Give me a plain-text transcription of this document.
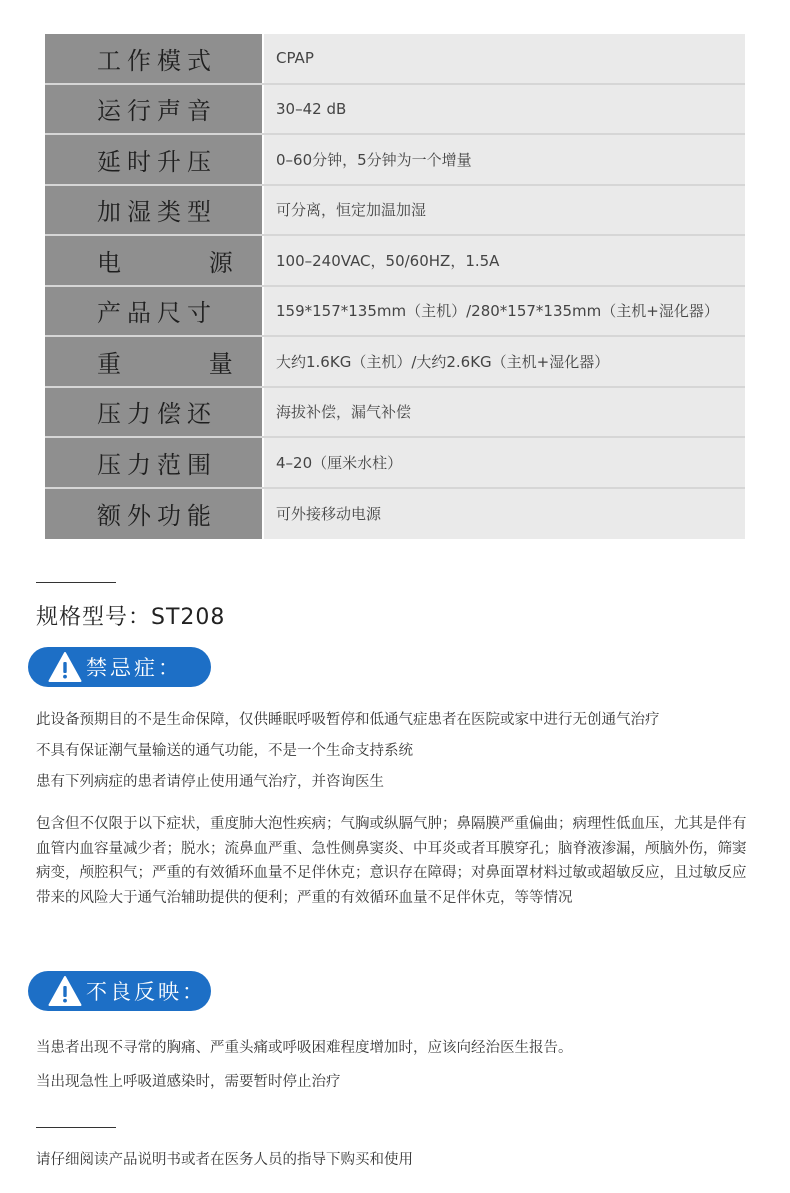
工作模式	CPAP
运行声音	30–42 dB
延时升压	0–60分钟，5分钟为一个增量
加湿类型	可分离，恒定加温加湿
电      源	100–240VAC，50/60HZ，1.5A
产品尺寸	159*157*135mm（主机）/280*157*135mm（主机+湿化器）
重      量	大约1.6KG（主机）/大约2.6KG（主机+湿化器）
压力偿还	海拔补偿，漏气补偿
压力范围	4–20（厘米水柱）
额外功能	可外接移动电源
规格型号：ST208
禁忌症：
此设备预期目的不是生命保障，仅供睡眠呼吸暂停和低通气症患者在医院或家中进行无创通气治疗
不具有保证潮气量输送的通气功能，不是一个生命支持系统
患有下列病症的患者请停止使用通气治疗，并咨询医生
包含但不仅限于以下症状，重度肺大泡性疾病；气胸或纵膈气肿；鼻隔膜严重偏曲；病理性低血压，尤其是伴有血管内血容量减少者；脱水；流鼻血严重、急性侧鼻窦炎、中耳炎或者耳膜穿孔；脑脊液渗漏，颅脑外伤，筛窦病变，颅腔积气；严重的有效循环血量不足伴休克；意识存在障碍；对鼻面罩材料过敏或超敏反应，且过敏反应带来的风险大于通气治辅助提供的便利；严重的有效循环血量不足伴休克，等等情况
不良反映：
当患者出现不寻常的胸痛、严重头痛或呼吸困难程度增加时，应该向经治医生报告。
当出现急性上呼吸道感染时，需要暂时停止治疗
请仔细阅读产品说明书或者在医务人员的指导下购买和使用
